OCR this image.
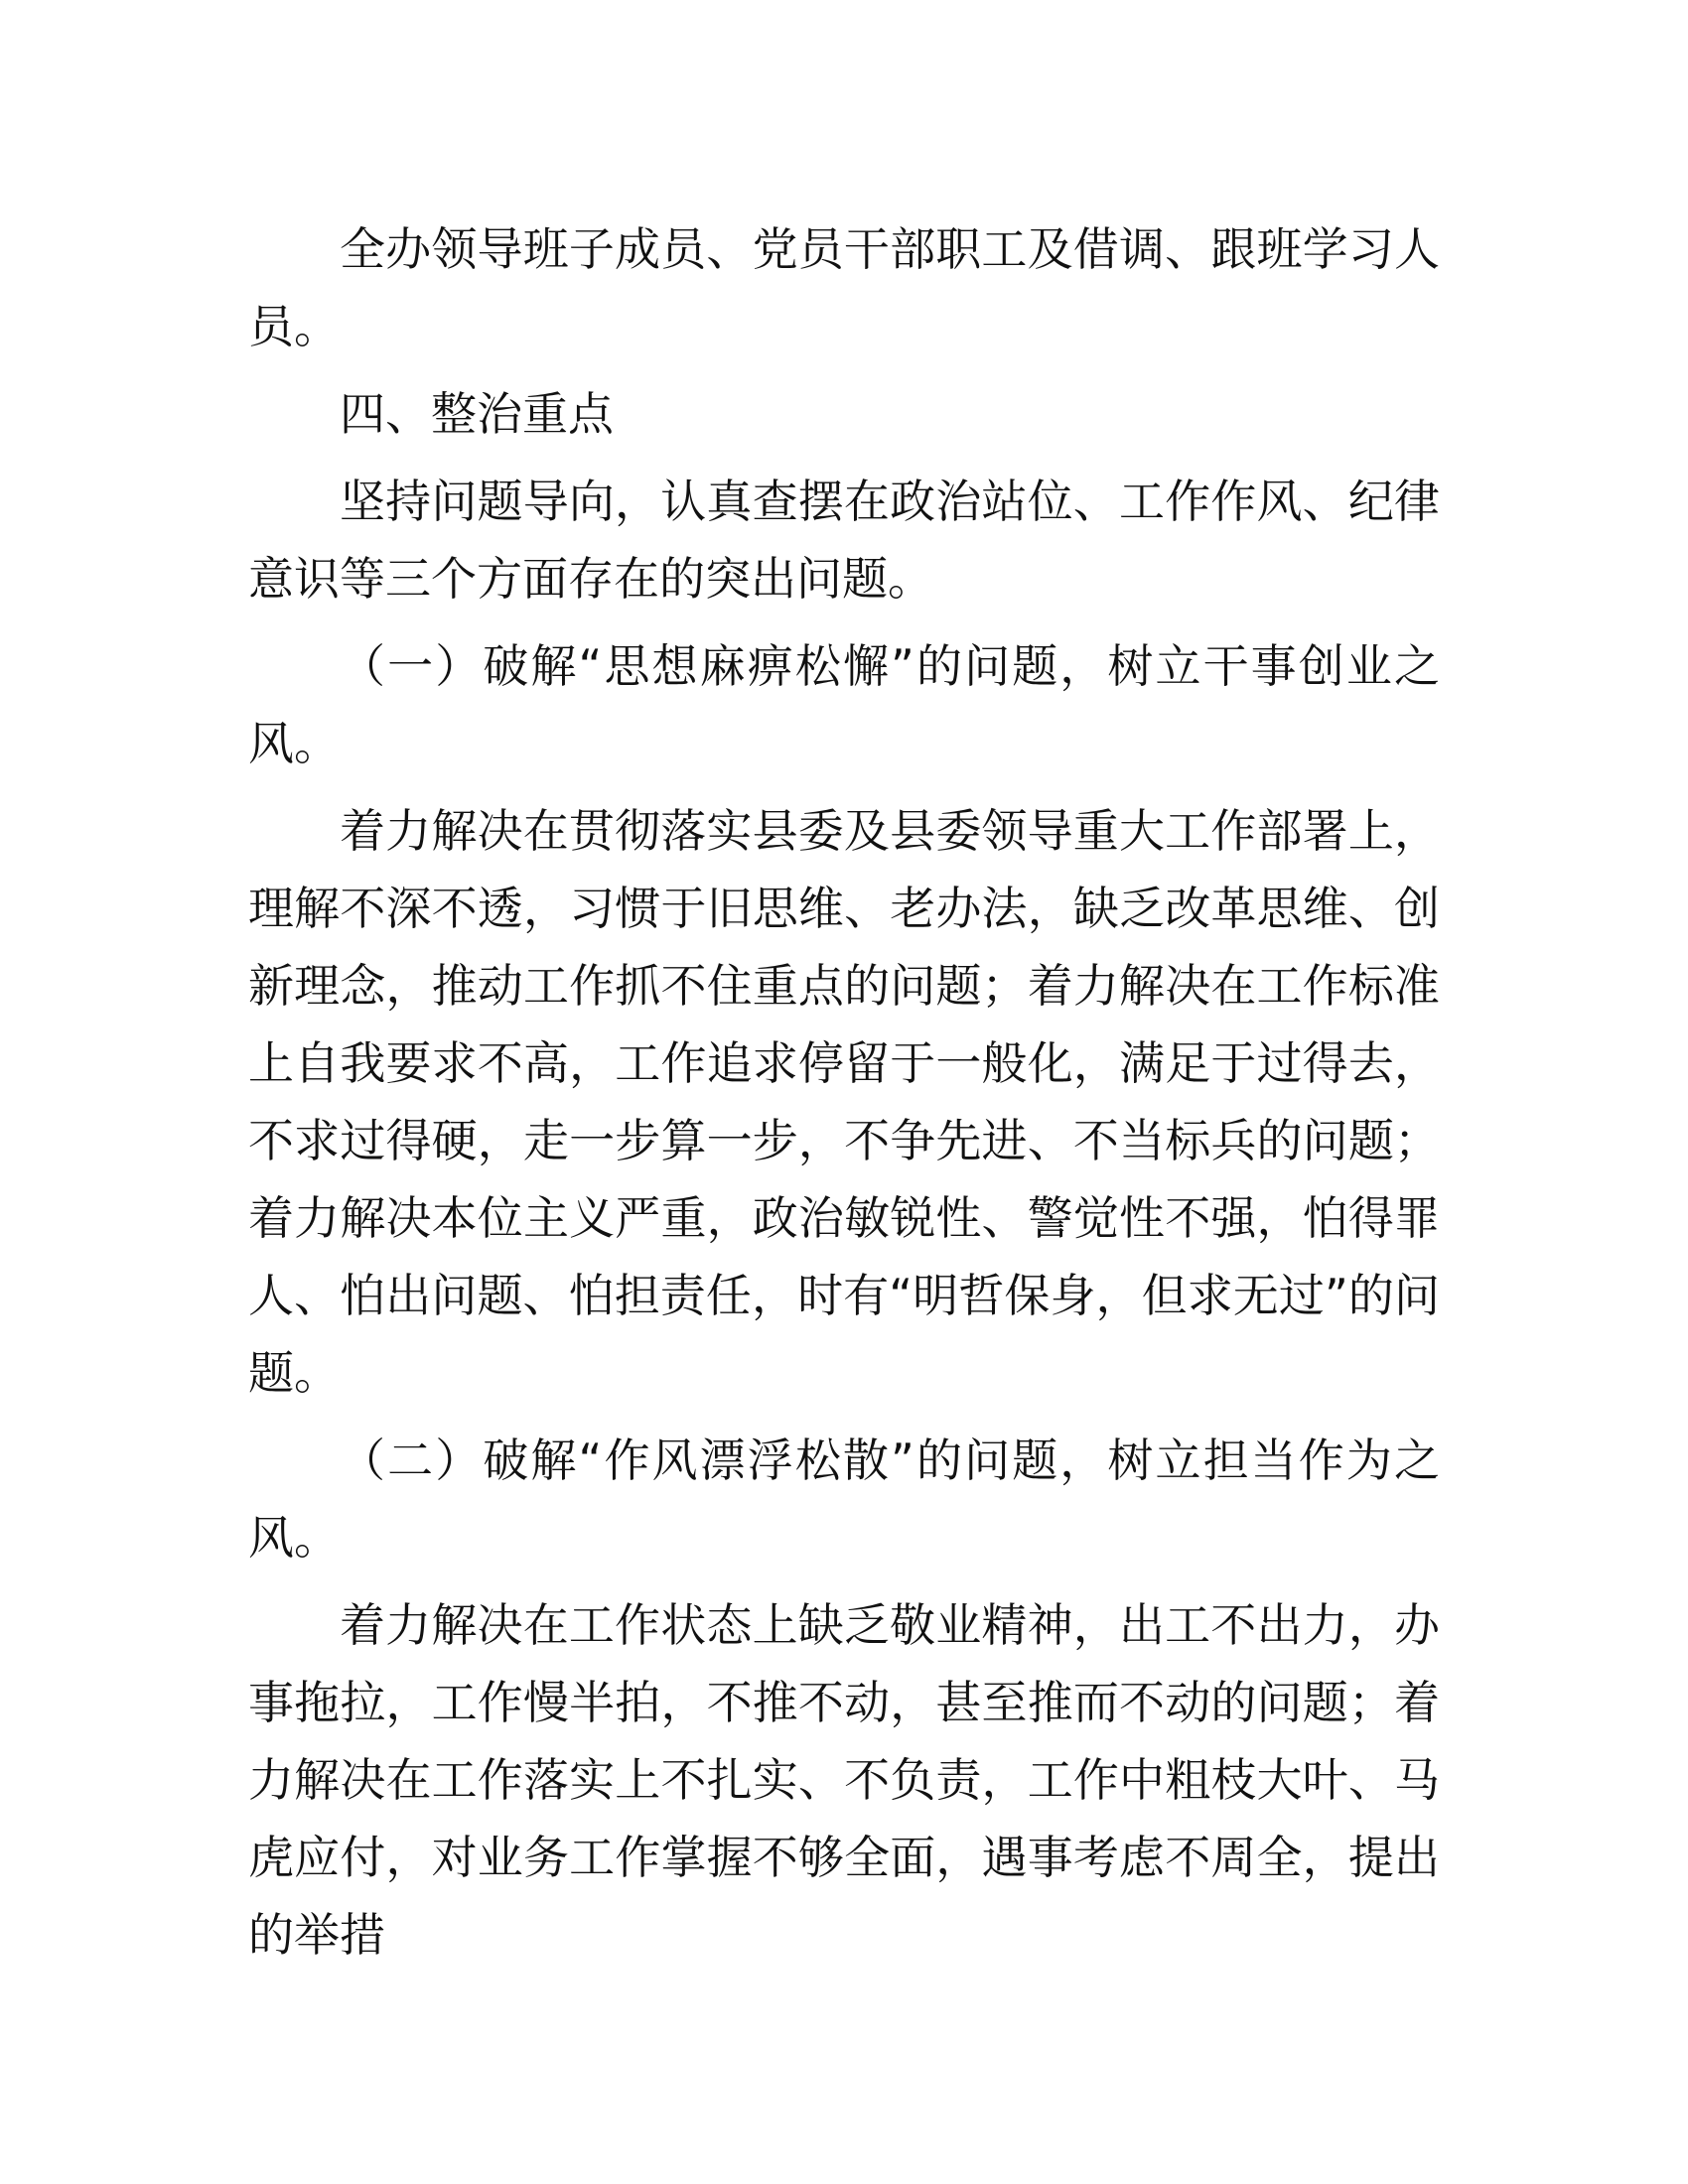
全办领导班子成员、党员干部职工及借调、跟班学习人员。

四、整治重点

坚持问题导向，认真查摆在政治站位、工作作风、纪律意识等三个方面存在的突出问题。

（一）破解“思想麻痹松懈”的问题，树立干事创业之风。

着力解决在贯彻落实县委及县委领导重大工作部署上，理解不深不透，习惯于旧思维、老办法，缺乏改革思维、创新理念，推动工作抓不住重点的问题；着力解决在工作标准上自我要求不高，工作追求停留于一般化，满足于过得去，不求过得硬，走一步算一步，不争先进、不当标兵的问题；着力解决本位主义严重，政治敏锐性、警觉性不强，怕得罪人、怕出问题、怕担责任，时有“明哲保身，但求无过”的问题。

（二）破解“作风漂浮松散”的问题，树立担当作为之风。

着力解决在工作状态上缺乏敬业精神，出工不出力，办事拖拉，工作慢半拍，不推不动，甚至推而不动的问题；着力解决在工作落实上不扎实、不负责，工作中粗枝大叶、马虎应付，对业务工作掌握不够全面，遇事考虑不周全，提出的举措
